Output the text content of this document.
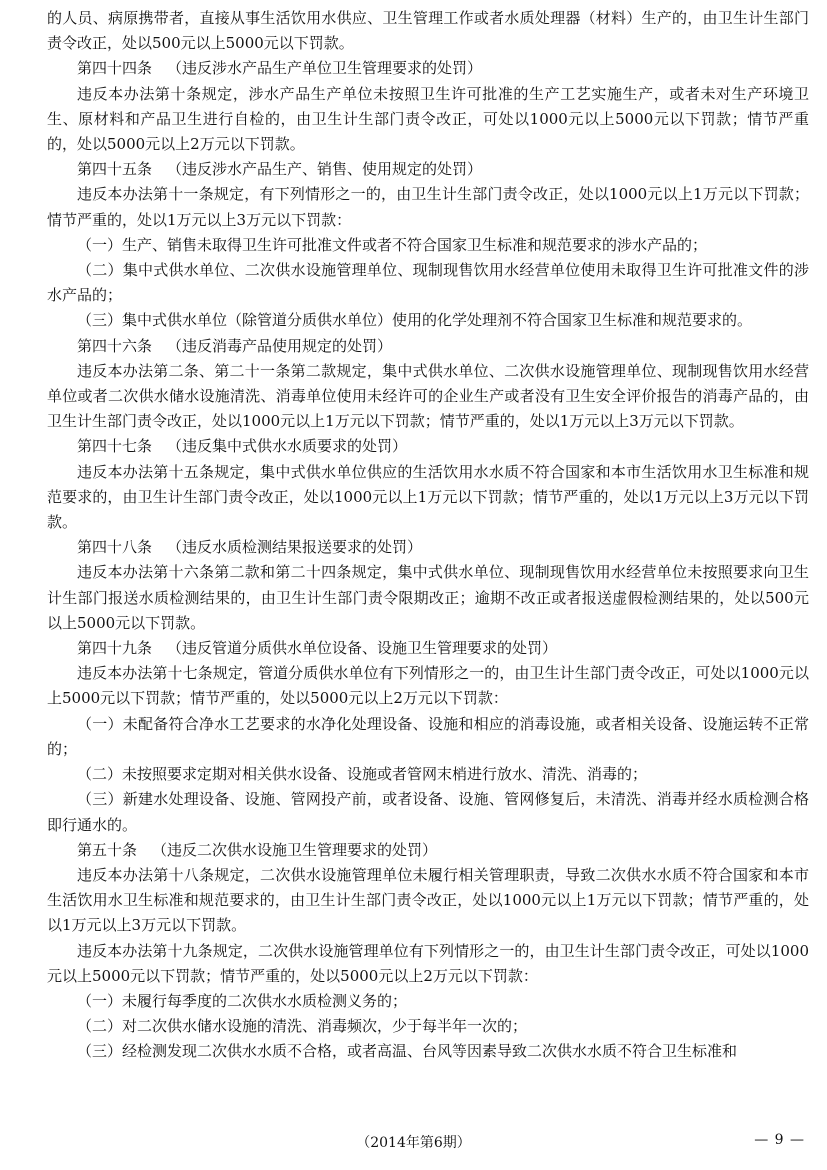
的人员、病原携带者，直接从事生活饮用水供应、卫生管理工作或者水质处理器（材料）生产的，由卫生计生部门责令改正，处以500元以上5000元以下罚款。

第四十四条 （违反涉水产品生产单位卫生管理要求的处罚）

违反本办法第十条规定，涉水产品生产单位未按照卫生许可批准的生产工艺实施生产，或者未对生产环境卫生、原材料和产品卫生进行自检的，由卫生计生部门责令改正，可处以1000元以上5000元以下罚款；情节严重的，处以5000元以上2万元以下罚款。

第四十五条 （违反涉水产品生产、销售、使用规定的处罚）

违反本办法第十一条规定，有下列情形之一的，由卫生计生部门责令改正，处以1000元以上1万元以下罚款；情节严重的，处以1万元以上3万元以下罚款：

（一）生产、销售未取得卫生许可批准文件或者不符合国家卫生标准和规范要求的涉水产品的；

（二）集中式供水单位、二次供水设施管理单位、现制现售饮用水经营单位使用未取得卫生许可批准文件的涉水产品的；

（三）集中式供水单位（除管道分质供水单位）使用的化学处理剂不符合国家卫生标准和规范要求的。

第四十六条 （违反消毒产品使用规定的处罚）

违反本办法第二条、第二十一条第二款规定，集中式供水单位、二次供水设施管理单位、现制现售饮用水经营单位或者二次供水储水设施清洗、消毒单位使用未经许可的企业生产或者没有卫生安全评价报告的消毒产品的，由卫生计生部门责令改正，处以1000元以上1万元以下罚款；情节严重的，处以1万元以上3万元以下罚款。

第四十七条 （违反集中式供水水质要求的处罚）

违反本办法第十五条规定，集中式供水单位供应的生活饮用水水质不符合国家和本市生活饮用水卫生标准和规范要求的，由卫生计生部门责令改正，处以1000元以上1万元以下罚款；情节严重的，处以1万元以上3万元以下罚款。

第四十八条 （违反水质检测结果报送要求的处罚）

违反本办法第十六条第二款和第二十四条规定，集中式供水单位、现制现售饮用水经营单位未按照要求向卫生计生部门报送水质检测结果的，由卫生计生部门责令限期改正；逾期不改正或者报送虚假检测结果的，处以500元以上5000元以下罚款。

第四十九条 （违反管道分质供水单位设备、设施卫生管理要求的处罚）

违反本办法第十七条规定，管道分质供水单位有下列情形之一的，由卫生计生部门责令改正，可处以1000元以上5000元以下罚款；情节严重的，处以5000元以上2万元以下罚款：

（一）未配备符合净水工艺要求的水净化处理设备、设施和相应的消毒设施，或者相关设备、设施运转不正常的；

（二）未按照要求定期对相关供水设备、设施或者管网末梢进行放水、清洗、消毒的；

（三）新建水处理设备、设施、管网投产前，或者设备、设施、管网修复后，未清洗、消毒并经水质检测合格即行通水的。

第五十条 （违反二次供水设施卫生管理要求的处罚）

违反本办法第十八条规定，二次供水设施管理单位未履行相关管理职责，导致二次供水水质不符合国家和本市生活饮用水卫生标准和规范要求的，由卫生计生部门责令改正，处以1000元以上1万元以下罚款；情节严重的，处以1万元以上3万元以下罚款。

违反本办法第十九条规定，二次供水设施管理单位有下列情形之一的，由卫生计生部门责令改正，可处以1000元以上5000元以下罚款；情节严重的，处以5000元以上2万元以下罚款：

（一）未履行每季度的二次供水水质检测义务的；

（二）对二次供水储水设施的清洗、消毒频次，少于每半年一次的；

（三）经检测发现二次供水水质不合格，或者高温、台风等因素导致二次供水水质不符合卫生标准和

（2014年第6期）	— 9 —
